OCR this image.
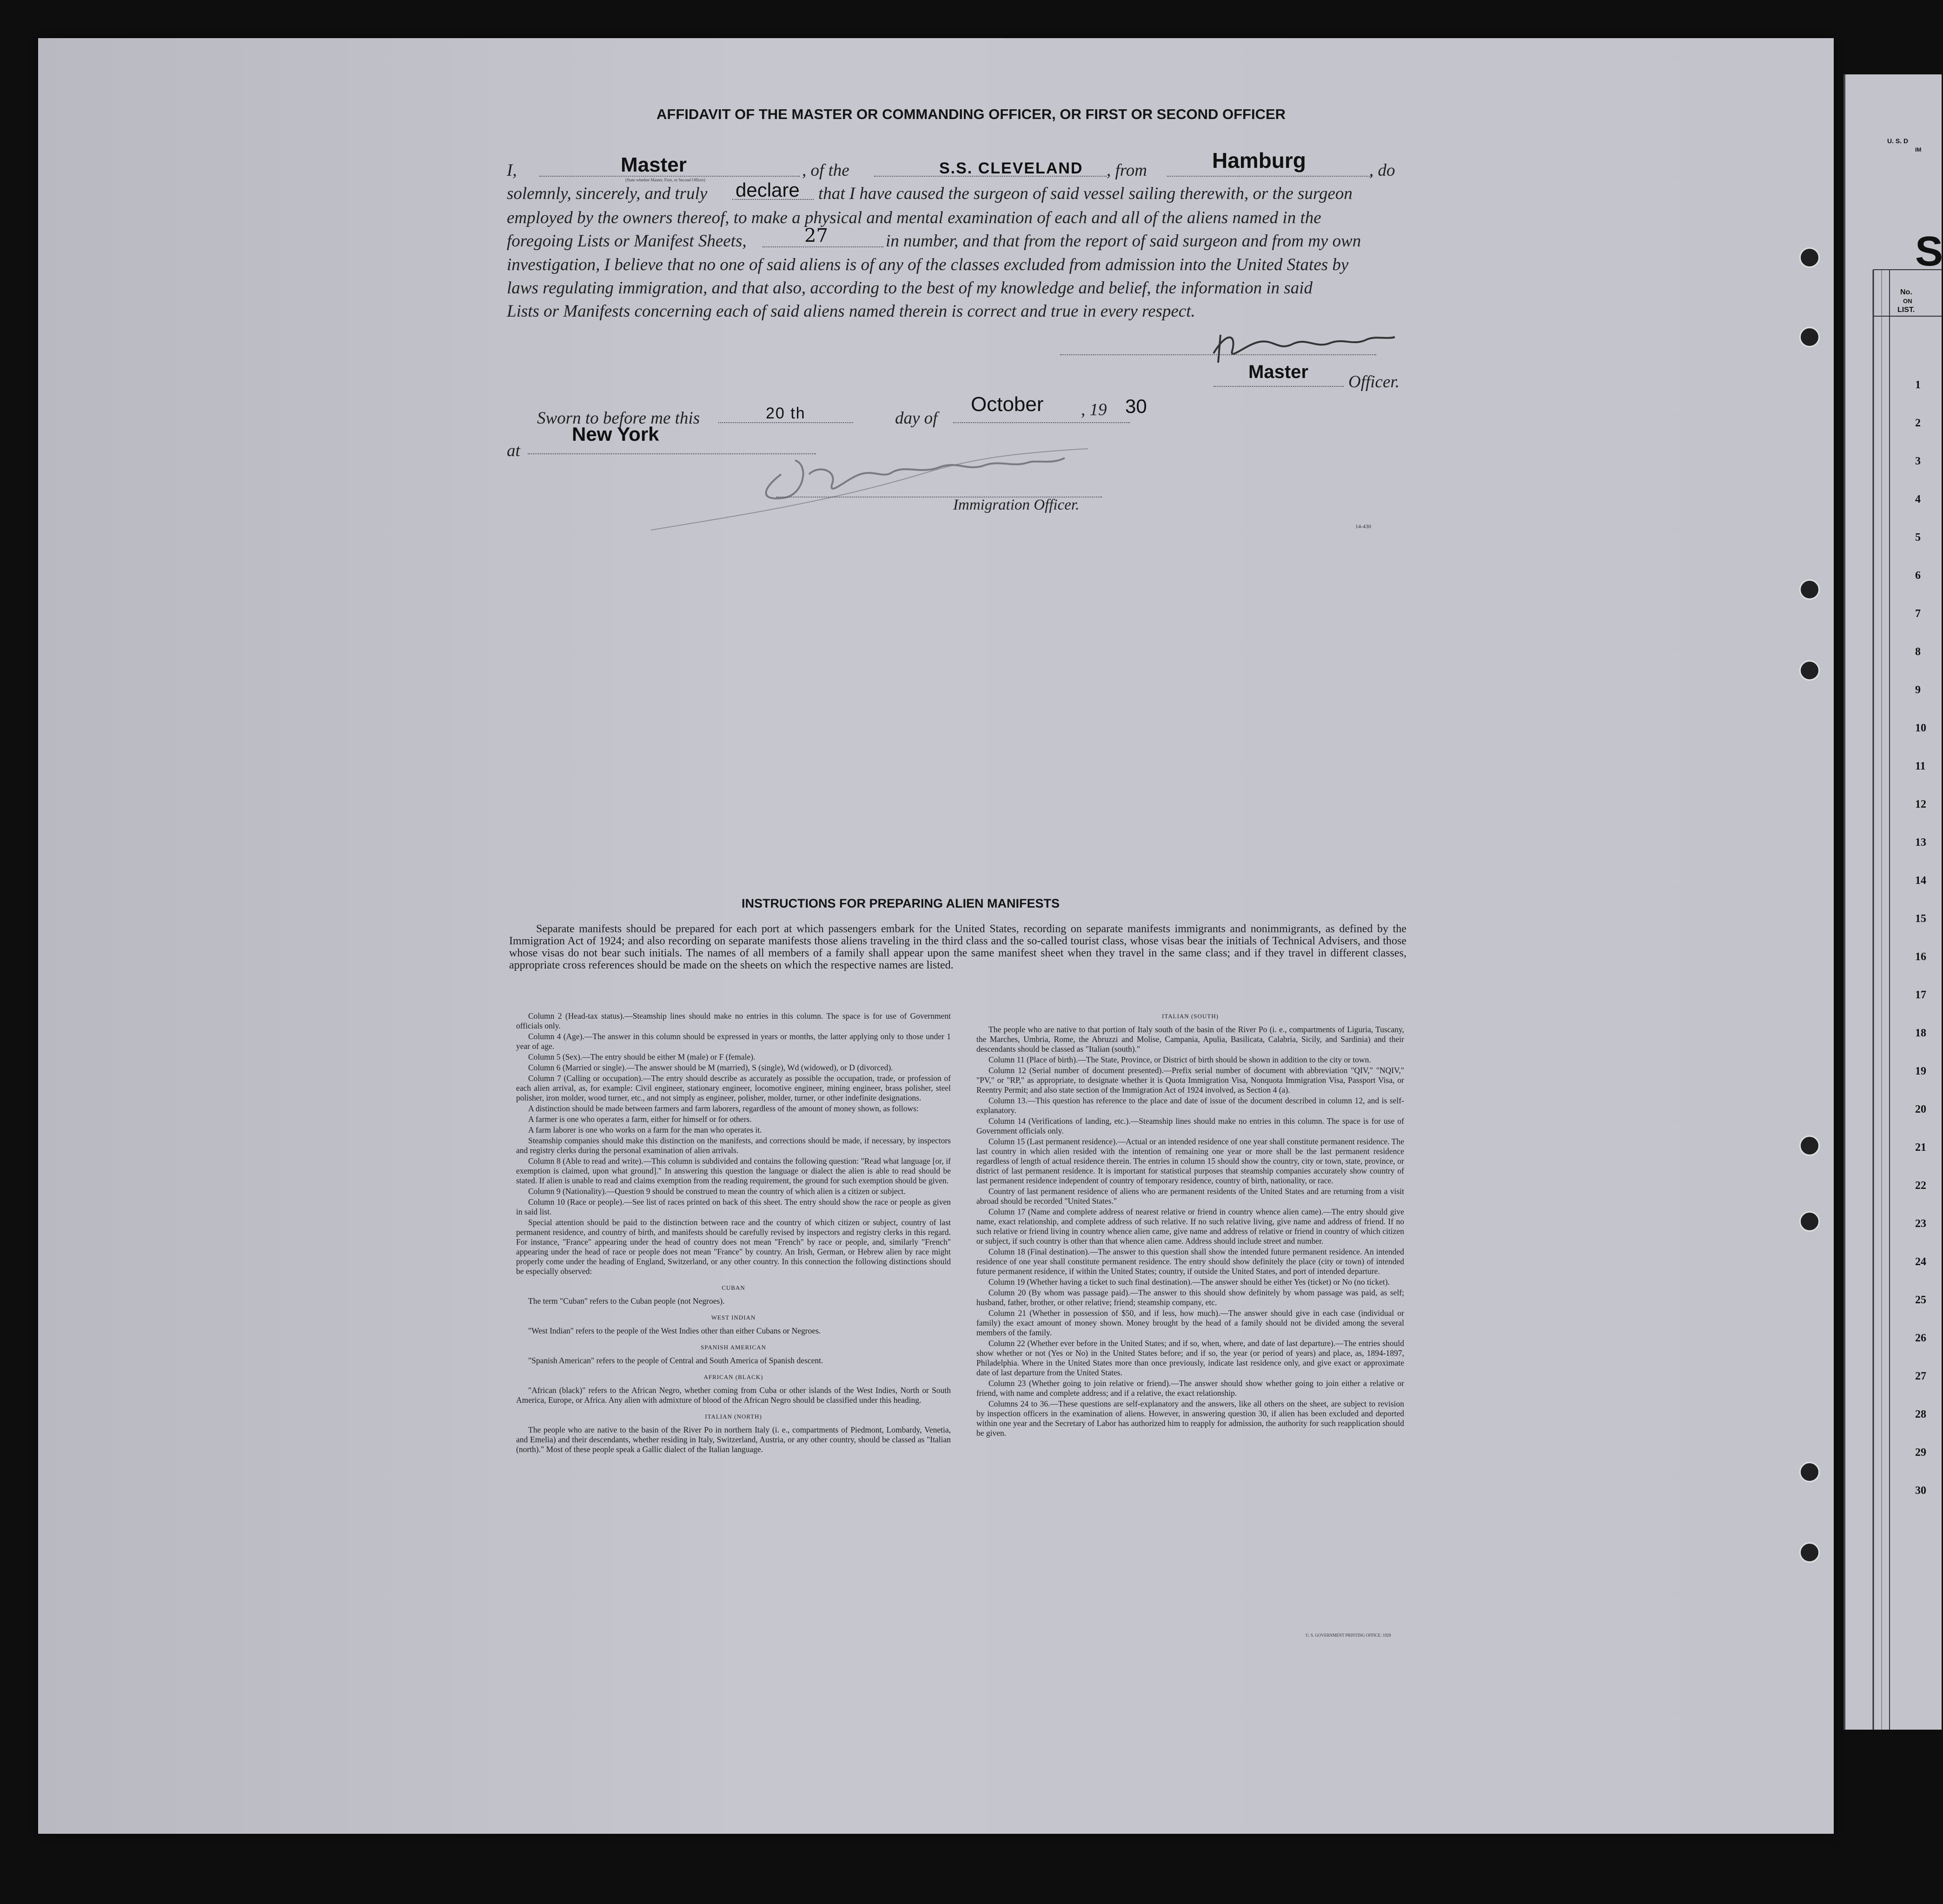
U. S. D
IM
S
No.
ON
LIST.
1
2
3
4
5
6
7
8
9
10
11
12
13
14
15
16
17
18
19
20
21
22
23
24
25
26
27
28
29
30
AFFIDAVIT OF THE MASTER OR COMMANDING OFFICER, OR FIRST OR SECOND OFFICER
I,	Master
(State whether Master, First, or Second Officer)	, of the	S.S. CLEVELAND , from	Hamburg	, do
solemnly, sincerely, and truly declare that I have caused the surgeon of said vessel sailing therewith, or the surgeon
employed by the owners thereof, to make a physical and mental examination of each and all of the aliens named in the
foregoing Lists or Manifest Sheets,	27	in number, and that from the report of said surgeon and from my own
investigation, I believe that no one of said aliens is of any of the classes excluded from admission into the United States by
laws regulating immigration, and that also, according to the best of my knowledge and belief, the information in said
Lists or Manifests concerning each of said aliens named therein is correct and true in every respect.
Master Officer.
Sworn to before me this	20 th	day of
October , 19 30
at
New York
Immigration Officer.
14-430
INSTRUCTIONS FOR PREPARING ALIEN MANIFESTS
Separate manifests should be prepared for each port at which passengers embark for the United States, recording on separate manifests immigrants and nonimmigrants, as defined by the Immigration Act of 1924; and also recording on separate manifests those aliens traveling in the third class and the so-called tourist class, whose visas bear the initials of Technical Advisers, and those whose visas do not bear such initials. The names of all members of a family shall appear upon the same manifest sheet when they travel in the same class; and if they travel in different classes, appropriate cross references should be made on the sheets on which the respective names are listed.

Column 2 (Head-tax status).—Steamship lines should make no entries in this column. The space is for use of Government officials only.

Column 4 (Age).—The answer in this column should be expressed in years or months, the latter applying only to those under 1 year of age.

Column 5 (Sex).—The entry should be either M (male) or F (female).

Column 6 (Married or single).—The answer should be M (married), S (single), Wd (widowed), or D (divorced).

Column 7 (Calling or occupation).—The entry should describe as accurately as possible the occupation, trade, or profession of each alien arrival, as, for example: Civil engineer, stationary engineer, locomotive engineer, mining engineer, brass polisher, steel polisher, iron molder, wood turner, etc., and not simply as engineer, polisher, molder, turner, or other indefinite designations.

A distinction should be made between farmers and farm laborers, regardless of the amount of money shown, as follows:

A farmer is one who operates a farm, either for himself or for others.

A farm laborer is one who works on a farm for the man who operates it.

Steamship companies should make this distinction on the manifests, and corrections should be made, if necessary, by inspectors and registry clerks during the personal examination of alien arrivals.

Column 8 (Able to read and write).—This column is subdivided and contains the following question: "Read what language [or, if exemption is claimed, upon what ground]." In answering this question the language or dialect the alien is able to read should be stated. If alien is unable to read and claims exemption from the reading requirement, the ground for such exemption should be given.

Column 9 (Nationality).—Question 9 should be construed to mean the country of which alien is a citizen or subject.

Column 10 (Race or people).—See list of races printed on back of this sheet. The entry should show the race or people as given in said list.

Special attention should be paid to the distinction between race and the country of which citizen or subject, country of last permanent residence, and country of birth, and manifests should be carefully revised by inspectors and registry clerks in this regard. For instance, "France" appearing under the head of country does not mean "French" by race or people, and, similarly "French" appearing under the head of race or people does not mean "France" by country. An Irish, German, or Hebrew alien by race might properly come under the heading of England, Switzerland, or any other country. In this connection the following distinctions should be especially observed:

CUBAN

The term "Cuban" refers to the Cuban people (not Negroes).

WEST INDIAN

"West Indian" refers to the people of the West Indies other than either Cubans or Negroes.

SPANISH AMERICAN

"Spanish American" refers to the people of Central and South America of Spanish descent.

AFRICAN (BLACK)

"African (black)" refers to the African Negro, whether coming from Cuba or other islands of the West Indies, North or South America, Europe, or Africa. Any alien with admixture of blood of the African Negro should be classified under this heading.

ITALIAN (NORTH)

The people who are native to the basin of the River Po in northern Italy (i. e., compartments of Piedmont, Lombardy, Venetia, and Emelia) and their descendants, whether residing in Italy, Switzerland, Austria, or any other country, should be classed as "Italian (north)." Most of these people speak a Gallic dialect of the Italian language.

ITALIAN (SOUTH)

The people who are native to that portion of Italy south of the basin of the River Po (i. e., compartments of Liguria, Tuscany, the Marches, Umbria, Rome, the Abruzzi and Molise, Campania, Apulia, Basilicata, Calabria, Sicily, and Sardinia) and their descendants should be classed as "Italian (south)."

Column 11 (Place of birth).—The State, Province, or District of birth should be shown in addition to the city or town.

Column 12 (Serial number of document presented).—Prefix serial number of document with abbreviation "QIV," "NQIV," "PV," or "RP," as appropriate, to designate whether it is Quota Immigration Visa, Nonquota Immigration Visa, Passport Visa, or Reentry Permit; and also state section of the Immigration Act of 1924 involved, as Section 4 (a).

Column 13.—This question has reference to the place and date of issue of the document described in column 12, and is self-explanatory.

Column 14 (Verifications of landing, etc.).—Steamship lines should make no entries in this column. The space is for use of Government officials only.

Column 15 (Last permanent residence).—Actual or an intended residence of one year shall constitute permanent residence. The last country in which alien resided with the intention of remaining one year or more shall be the last permanent residence regardless of length of actual residence therein. The entries in column 15 should show the country, city or town, state, province, or district of last permanent residence. It is important for statistical purposes that steamship companies accurately show country of last permanent residence independent of country of temporary residence, country of birth, nationality, or race.

Country of last permanent residence of aliens who are permanent residents of the United States and are returning from a visit abroad should be recorded "United States."

Column 17 (Name and complete address of nearest relative or friend in country whence alien came).—The entry should give name, exact relationship, and complete address of such relative. If no such relative living, give name and address of friend. If no such relative or friend living in country whence alien came, give name and address of relative or friend in country of which citizen or subject, if such country is other than that whence alien came. Address should include street and number.

Column 18 (Final destination).—The answer to this question shall show the intended future permanent residence. An intended residence of one year shall constitute permanent residence. The entry should show definitely the place (city or town) of intended future permanent residence, if within the United States; country, if outside the United States, and port of intended departure.

Column 19 (Whether having a ticket to such final destination).—The answer should be either Yes (ticket) or No (no ticket).

Column 20 (By whom was passage paid).—The answer to this should show definitely by whom passage was paid, as self; husband, father, brother, or other relative; friend; steamship company, etc.

Column 21 (Whether in possession of $50, and if less, how much).—The answer should give in each case (individual or family) the exact amount of money shown. Money brought by the head of a family should not be divided among the several members of the family.

Column 22 (Whether ever before in the United States; and if so, when, where, and date of last departure).—The entries should show whether or not (Yes or No) in the United States before; and if so, the year (or period of years) and place, as, 1894-1897, Philadelphia. Where in the United States more than once previously, indicate last residence only, and give exact or approximate date of last departure from the United States.

Column 23 (Whether going to join relative or friend).—The answer should show whether going to join either a relative or friend, with name and complete address; and if a relative, the exact relationship.

Columns 24 to 36.—These questions are self-explanatory and the answers, like all others on the sheet, are subject to revision by inspection officers in the examination of aliens. However, in answering question 30, if alien has been excluded and deported within one year and the Secretary of Labor has authorized him to reapply for admission, the authority for such reapplication should be given.

U. S. GOVERNMENT PRINTING OFFICE: 1929
